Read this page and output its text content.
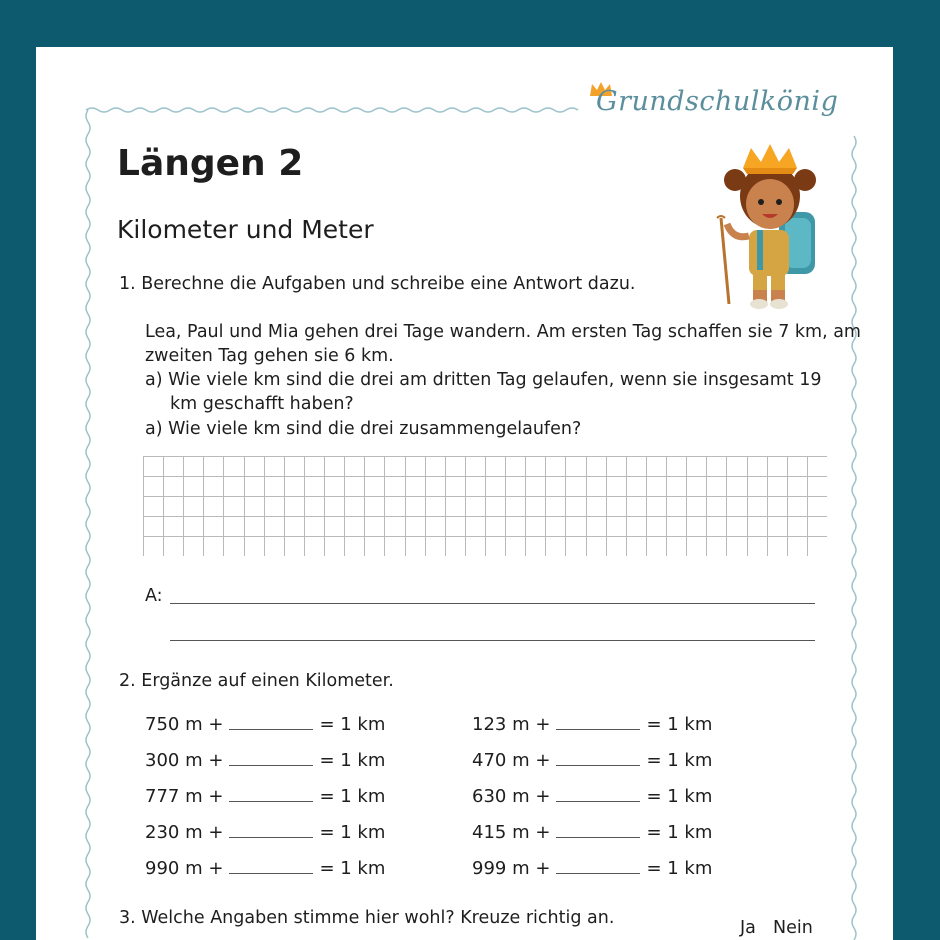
Grundschulkönig
Längen 2
Kilometer und Meter
1. Berechne die Aufgaben und schreibe eine Antwort dazu.
Lea, Paul und Mia gehen drei Tage wandern. Am ersten Tag schaffen sie 7 km, am
zweiten Tag gehen sie 6 km.
a) Wie viele km sind die drei am dritten Tag gelaufen, wenn sie insgesamt 19
km geschafft haben?
a) Wie viele km sind die drei zusammengelaufen?
A:
2. Ergänze auf einen Kilometer.
750 m +	= 1 km
300 m +	= 1 km
777 m +	= 1 km
230 m +	= 1 km
990 m +	= 1 km
123 m +	= 1 km
470 m +	= 1 km
630 m +	= 1 km
415 m +	= 1 km
999 m +	= 1 km
3. Welche Angaben stimme hier wohl? Kreuze richtig an.	Ja Nein
